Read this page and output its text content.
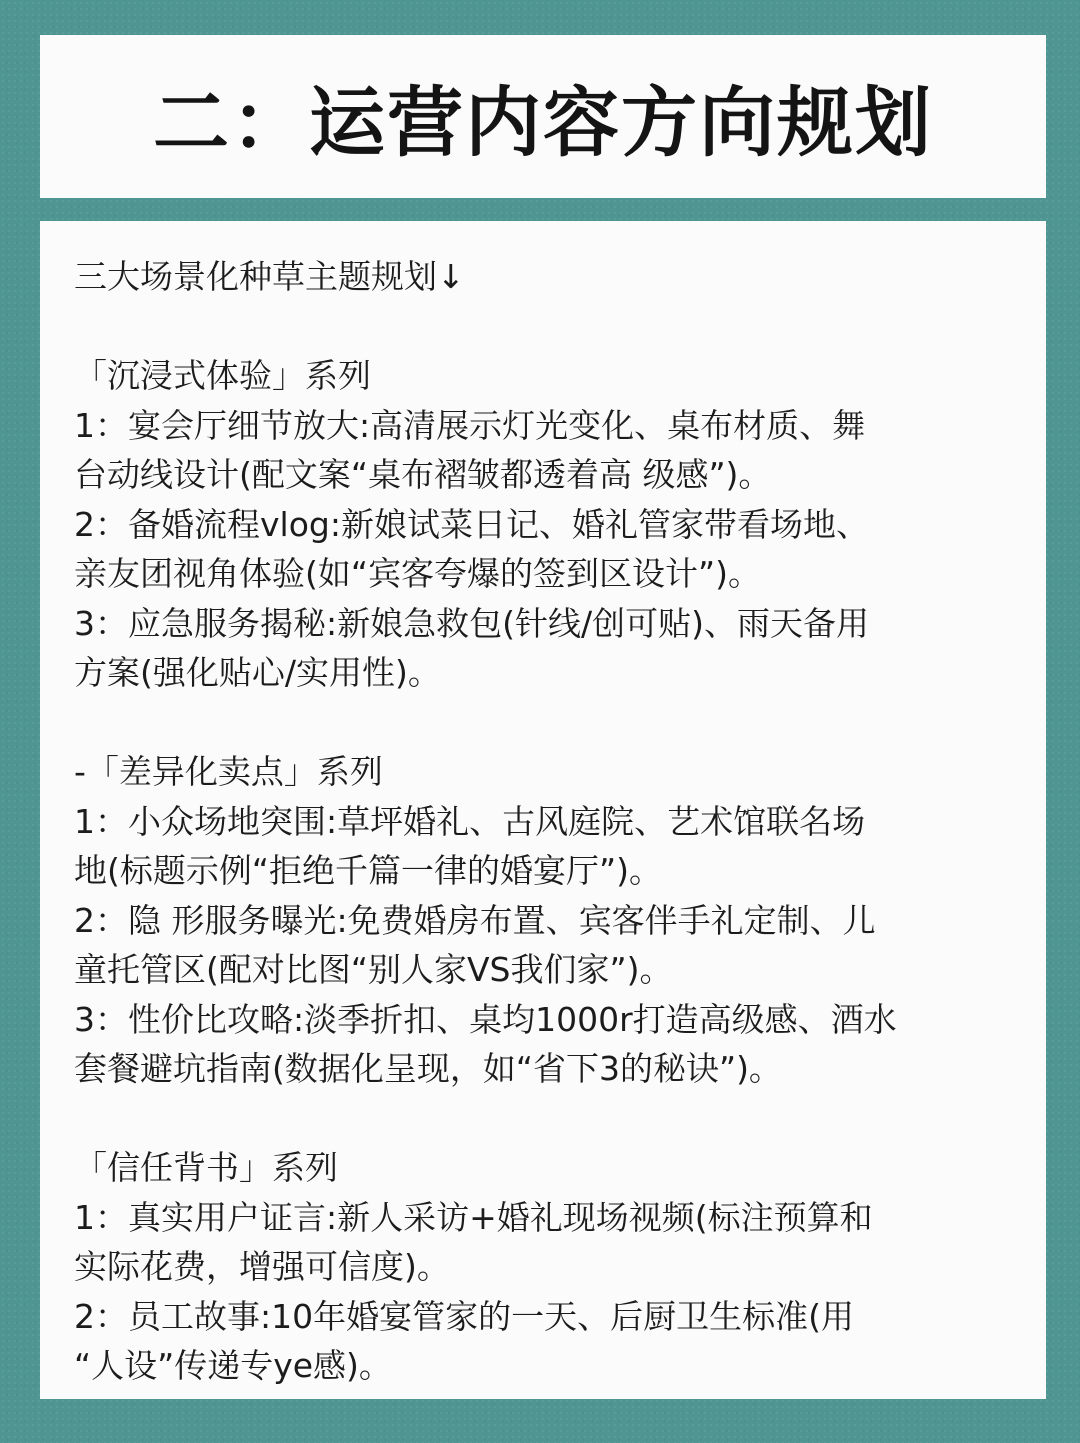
二：运营内容方向规划
三大场景化种草主题规划↓
「沉浸式体验」系列
1：宴会厅细节放大:高清展示灯光变化、桌布材质、舞
台动线设计(配文案“桌布褶皱都透着高 级感”)。
2：备婚流程vlog:新娘试菜日记、婚礼管家带看场地、
亲友团视角体验(如“宾客夸爆的签到区设计”)。
3：应急服务揭秘:新娘急救包(针线/创可贴)、雨天备用
方案(强化贴心/实用性)。
-「差异化卖点」系列
1：小众场地突围:草坪婚礼、古风庭院、艺术馆联名场
地(标题示例“拒绝千篇一律的婚宴厅”)。
2：隐 形服务曝光:免费婚房布置、宾客伴手礼定制、儿
童托管区(配对比图“别人家VS我们家”)。
3：性价比攻略:淡季折扣、桌均1000r打造高级感、酒水
套餐避坑指南(数据化呈现，如“省下3的秘诀”)。
「信任背书」系列
1：真实用户证言:新人采访+婚礼现场视频(标注预算和
实际花费，增强可信度)。
2：员工故事:10年婚宴管家的一天、后厨卫生标准(用
“人设”传递专ye感)。
